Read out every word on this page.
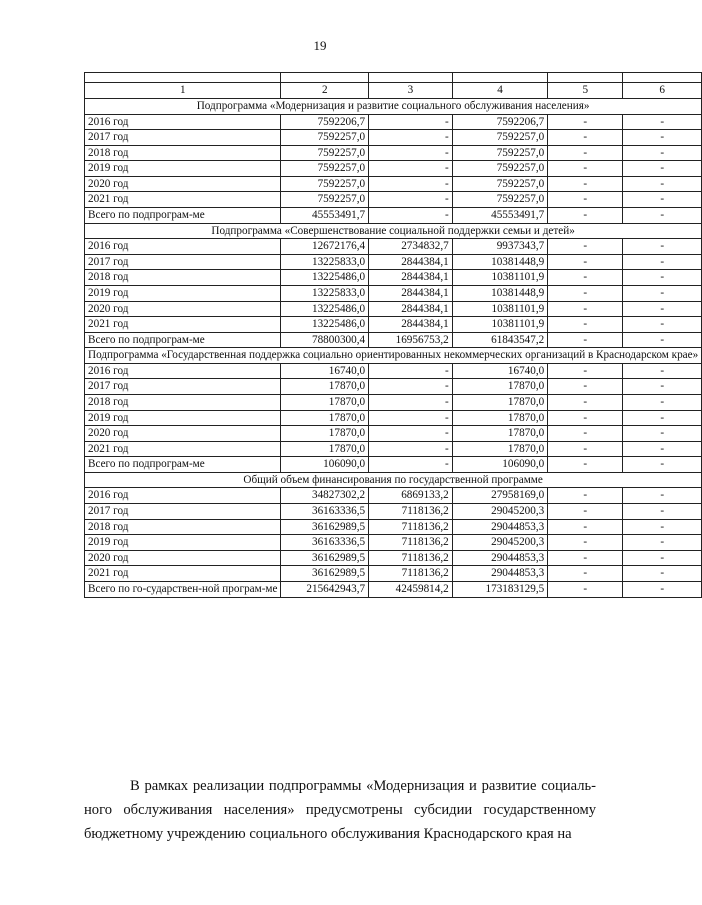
19

1	2	3	4	5	6
Подпрограмма «Модернизация и развитие социального обслуживания населения»					
2016 год	7592206,7	-	7592206,7	-	-
2017 год	7592257,0	-	7592257,0	-	-
2018 год	7592257,0	-	7592257,0	-	-
2019 год	7592257,0	-	7592257,0	-	-
2020 год	7592257,0	-	7592257,0	-	-
2021 год	7592257,0	-	7592257,0	-	-
Всего по подпрограм-ме	45553491,7	-	45553491,7	-	-
Подпрограмма «Совершенствование социальной поддержки семьи и детей»					
2016 год	12672176,4	2734832,7	9937343,7	-	-
2017 год	13225833,0	2844384,1	10381448,9	-	-
2018 год	13225486,0	2844384,1	10381101,9	-	-
2019 год	13225833,0	2844384,1	10381448,9	-	-
2020 год	13225486,0	2844384,1	10381101,9	-	-
2021 год	13225486,0	2844384,1	10381101,9	-	-
Всего по подпрограм-ме	78800300,4	16956753,2	61843547,2	-	-
Подпрограмма «Государственная поддержка социально ориентированных некоммерческих организаций в Краснодарском крае»					
2016 год	16740,0	-	16740,0	-	-
2017 год	17870,0	-	17870,0	-	-
2018 год	17870,0	-	17870,0	-	-
2019 год	17870,0	-	17870,0	-	-
2020 год	17870,0	-	17870,0	-	-
2021 год	17870,0	-	17870,0	-	-
Всего по подпрограм-ме	106090,0	-	106090,0	-	-
Общий объем финансирования по государственной программе					
2016 год	34827302,2	6869133,2	27958169,0	-	-
2017 год	36163336,5	7118136,2	29045200,3	-	-
2018 год	36162989,5	7118136,2	29044853,3	-	-
2019 год	36163336,5	7118136,2	29045200,3	-	-
2020 год	36162989,5	7118136,2	29044853,3	-	-
2021 год	36162989,5	7118136,2	29044853,3	-	-
Всего по го-сударствен-ной програм-ме	215642943,7	42459814,2	173183129,5	-	-

В рамках реализации подпрограммы «Модернизация и развитие социаль-ного обслуживания населения» предусмотрены субсидии государственному бюджетному учреждению социального обслуживания Краснодарского края на
